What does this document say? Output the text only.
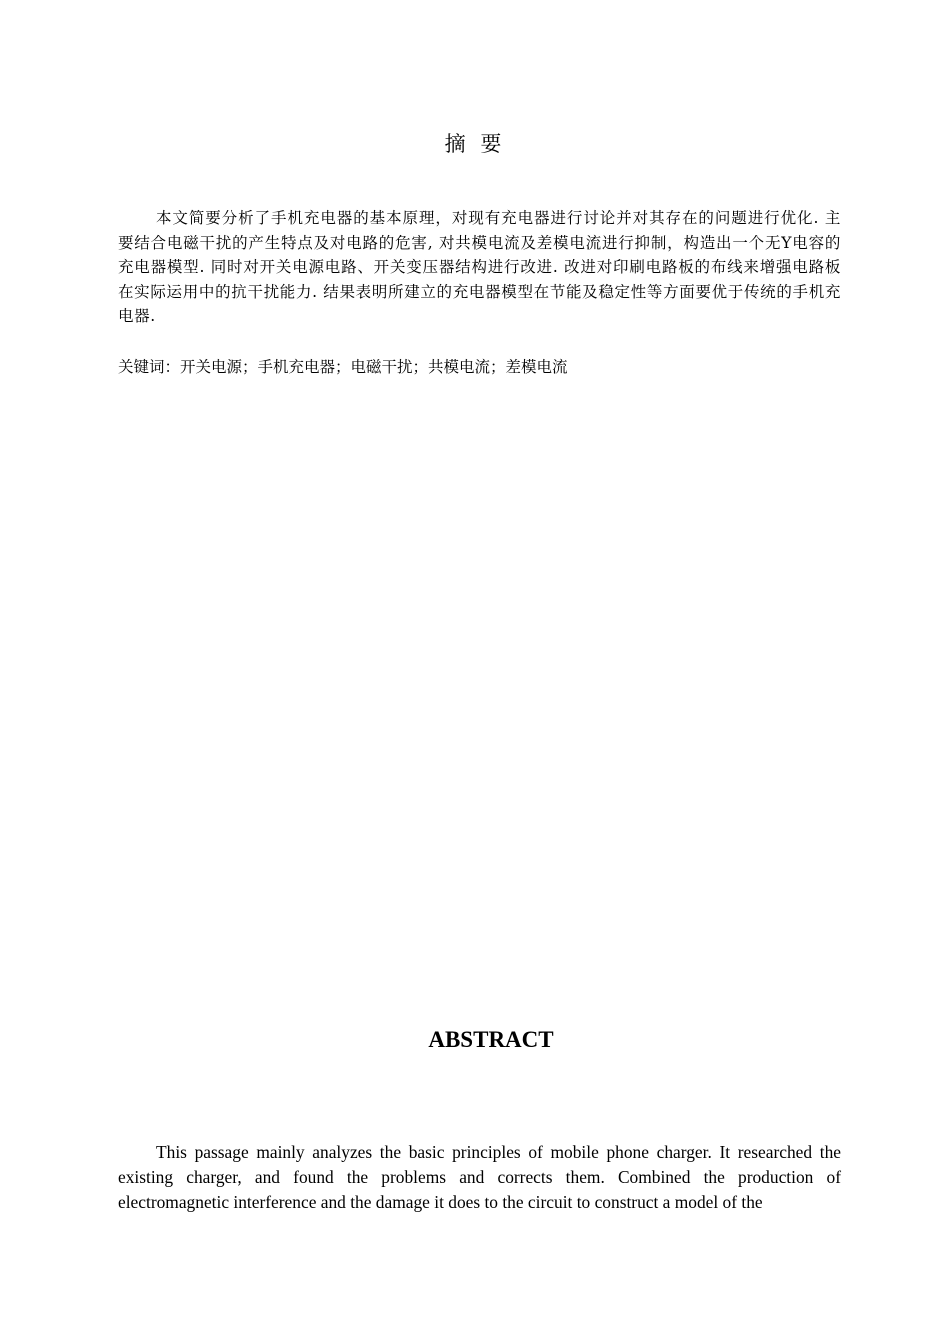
摘 要

本文简要分析了手机充电器的基本原理，对现有充电器进行讨论并对其存在的问题进行优化. 主要结合电磁干扰的产生特点及对电路的危害, 对共模电流及差模电流进行抑制，构造出一个无Y电容的充电器模型. 同时对开关电源电路、开关变压器结构进行改进. 改进对印刷电路板的布线来增强电路板在实际运用中的抗干扰能力. 结果表明所建立的充电器模型在节能及稳定性等方面要优于传统的手机充电器.

关键词：开关电源；手机充电器；电磁干扰；共模电流；差模电流

ABSTRACT

This passage mainly analyzes the basic principles of mobile phone charger. It researched the existing charger, and found the problems and corrects them. Combined the production of electromagnetic interference and the damage it does to the circuit to construct a model of the
